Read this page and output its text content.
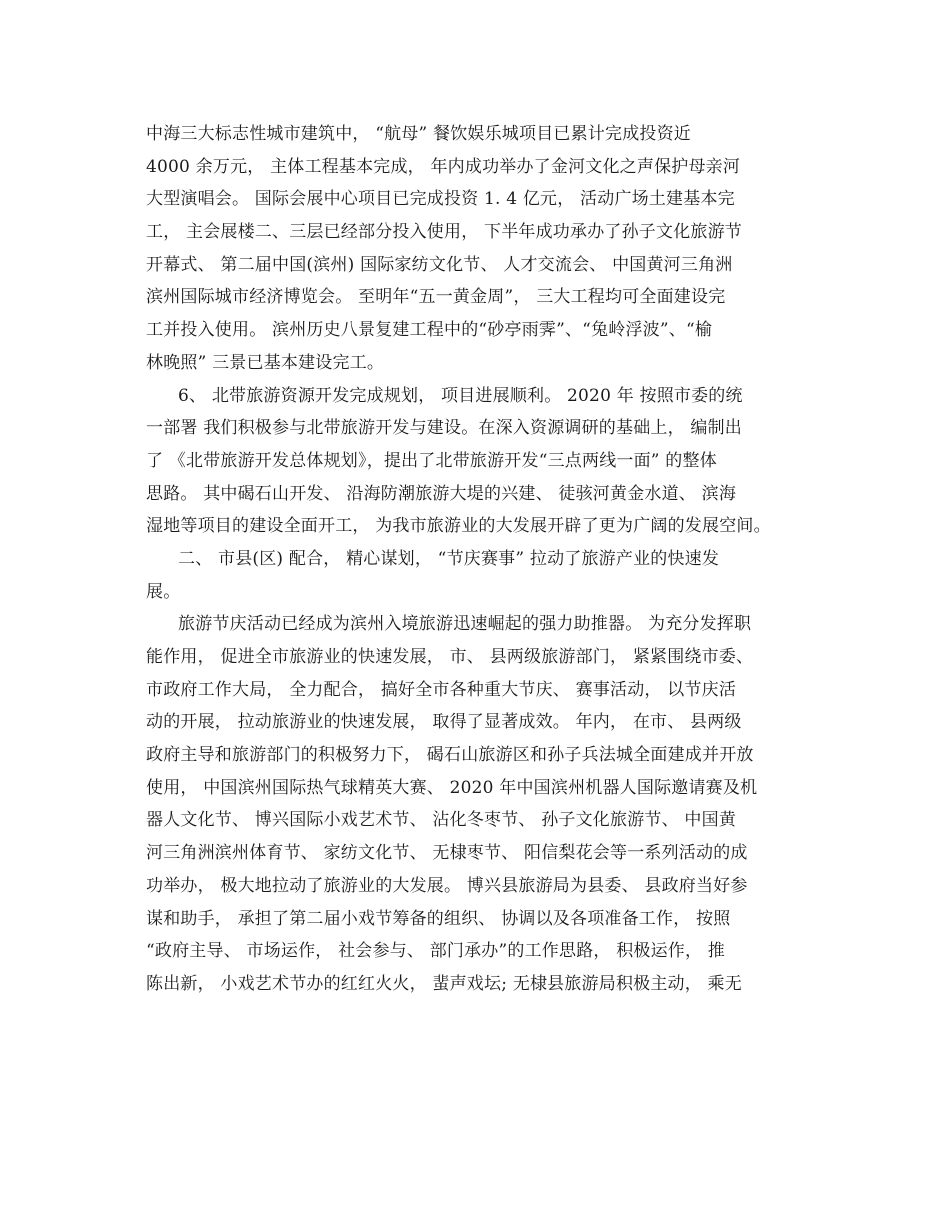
中海三大标志性城市建筑中， “航母” 餐饮娱乐城项目已累计完成投资近
4000 余万元， 主体工程基本完成， 年内成功举办了金河文化之声保护母亲河
大型演唱会。 国际会展中心项目已完成投资 1. 4 亿元， 活动广场土建基本完
工， 主会展楼二、三层已经部分投入使用， 下半年成功承办了孙子文化旅游节
开幕式、 第二届中国(滨州) 国际家纺文化节、 人才交流会、 中国黄河三角洲
滨州国际城市经济博览会。 至明年“五一黄金周”， 三大工程均可全面建设完
工并投入使用。 滨州历史八景复建工程中的“砂亭雨霁”、“兔岭浮波”、“榆
林晚照” 三景已基本建设完工。
6、 北带旅游资源开发完成规划， 项目进展顺利。 2020 年 按照市委的统
一部署 我们积极参与北带旅游开发与建设。在深入资源调研的基础上， 编制出
了 《北带旅游开发总体规划》，提出了北带旅游开发“三点两线一面” 的整体
思路。 其中碣石山开发、 沿海防潮旅游大堤的兴建、 徒骇河黄金水道、 滨海
湿地等项目的建设全面开工， 为我市旅游业的大发展开辟了更为广阔的发展空间。
二、 市县(区) 配合， 精心谋划， “节庆赛事” 拉动了旅游产业的快速发
展。
旅游节庆活动已经成为滨州入境旅游迅速崛起的强力助推器。 为充分发挥职
能作用， 促进全市旅游业的快速发展， 市、 县两级旅游部门， 紧紧围绕市委、
市政府工作大局， 全力配合， 搞好全市各种重大节庆、 赛事活动， 以节庆活
动的开展， 拉动旅游业的快速发展， 取得了显著成效。 年内， 在市、 县两级
政府主导和旅游部门的积极努力下， 碣石山旅游区和孙子兵法城全面建成并开放
使用， 中国滨州国际热气球精英大赛、 2020 年中国滨州机器人国际邀请赛及机
器人文化节、 博兴国际小戏艺术节、 沾化冬枣节、 孙子文化旅游节、 中国黄
河三角洲滨州体育节、 家纺文化节、 无棣枣节、 阳信梨花会等一系列活动的成
功举办， 极大地拉动了旅游业的大发展。 博兴县旅游局为县委、 县政府当好参
谋和助手， 承担了第二届小戏节筹备的组织、 协调以及各项准备工作， 按照
“政府主导、 市场运作， 社会参与、 部门承办”的工作思路， 积极运作， 推
陈出新， 小戏艺术节办的红红火火， 蜚声戏坛; 无棣县旅游局积极主动， 乘无
